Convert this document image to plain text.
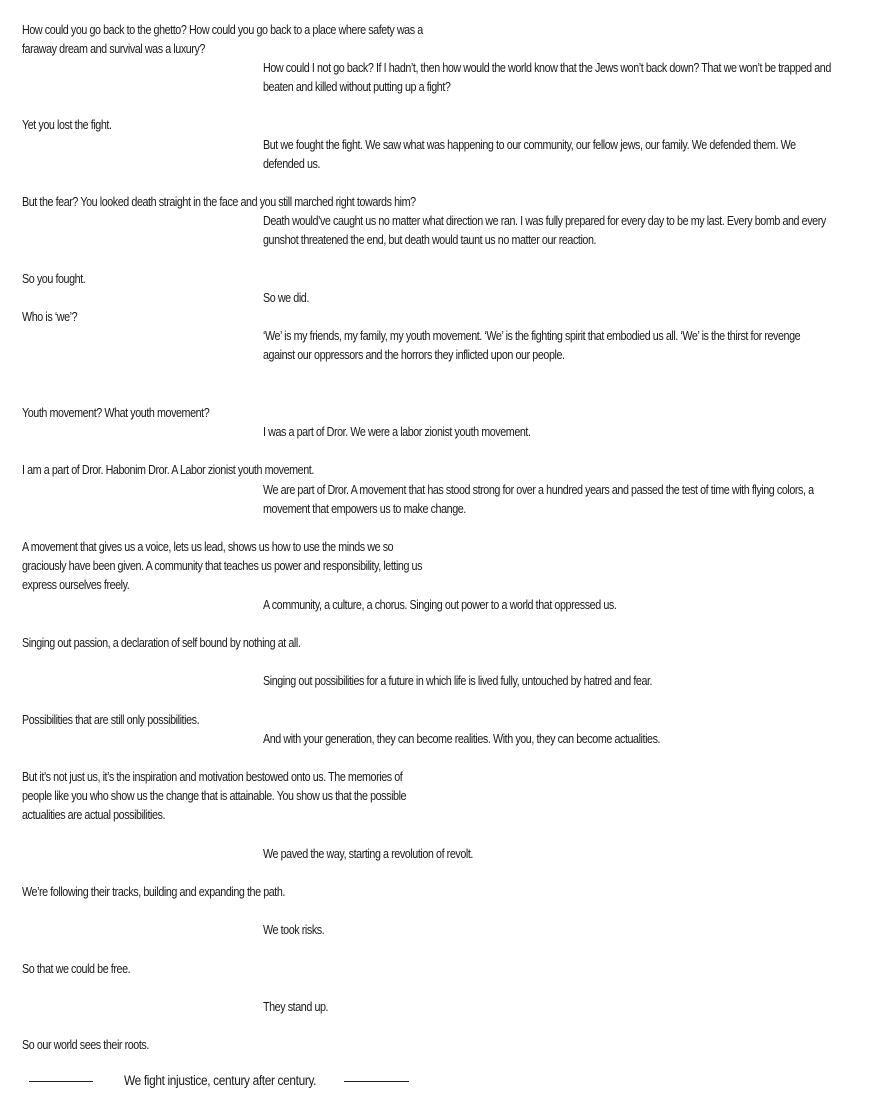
How could you go back to the ghetto? How could you go back to a place where safety was a
faraway dream and survival was a luxury?
How could I not go back? If I hadn’t, then how would the world know that the Jews won’t back down? That we won’t be trapped and
beaten and killed without putting up a fight?
Yet you lost the fight.
But we fought the fight. We saw what was happening to our community, our fellow jews, our family. We defended them. We
defended us.
But the fear? You looked death straight in the face and you still marched right towards him?
Death would’ve caught us no matter what direction we ran. I was fully prepared for every day to be my last. Every bomb and every
gunshot threatened the end, but death would taunt us no matter our reaction.
So you fought.
So we did.
Who is ‘we’?
‘We’ is my friends, my family, my youth movement. ‘We’ is the fighting spirit that embodied us all. ‘We’ is the thirst for revenge
against our oppressors and the horrors they inflicted upon our people.
Youth movement? What youth movement?
I was a part of Dror. We were a labor zionist youth movement.
I am a part of Dror. Habonim Dror. A Labor zionist youth movement.
We are part of Dror. A movement that has stood strong for over a hundred years and passed the test of time with flying colors, a
movement that empowers us to make change.
A movement that gives us a voice, lets us lead, shows us how to use the minds we so
graciously have been given. A community that teaches us power and responsibility, letting us
express ourselves freely.
A community, a culture, a chorus. Singing out power to a world that oppressed us.
Singing out passion, a declaration of self bound by nothing at all.
Singing out possibilities for a future in which life is lived fully, untouched by hatred and fear.
Possibilities that are still only possibilities.
And with your generation, they can become realities. With you, they can become actualities.
But it’s not just us, it’s the inspiration and motivation bestowed onto us. The memories of
people like you who show us the change that is attainable. You show us that the possible
actualities are actual possibilities.
We paved the way, starting a revolution of revolt.
We’re following their tracks, building and expanding the path.
We took risks.
So that we could be free.
They stand up.
So our world sees their roots.
We fight injustice, century after century.
